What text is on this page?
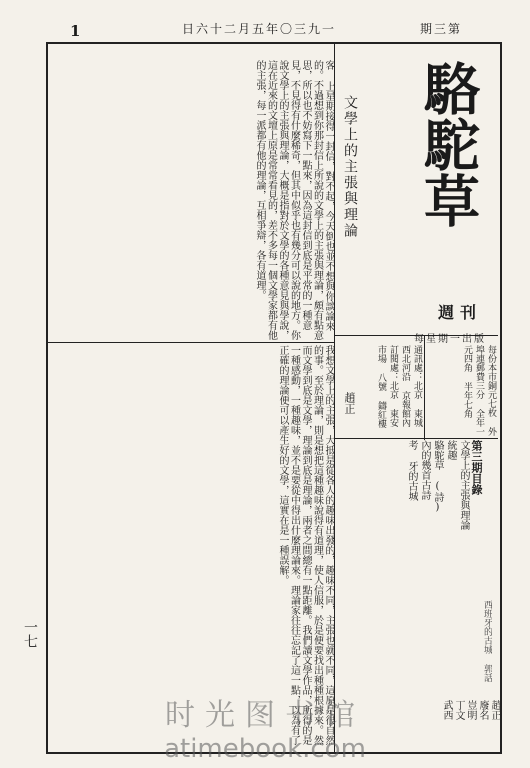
1	日六十二月五年〇三九一	期三第
駱駝草
週刊
每星期一出版
每份本市銅元七枚 外埠連郵費三分 全年一元四角 半年七角
通訊處：北京 東城西北河沿 京報館內 訂閱處：北京 東安市場 八號 鑄紅樓
第三期目錄
文學上的主張與理論
統趣
駱駝草 (詩)
內的幾首古詩
考 牙的古城
西班牙的古城 郭話
趙正
廢名
豈明
丁文
武西
文學上的主張與理論
趙正
客 上星期接得一封信，對不起，今天倒也並不想與你談論來的。不過想到你那封信上所說的文學上的主張與理論，頗有點意思，所以也不妨寫下一點來，因為這封信到底是平常的一種意見，不見得有什麼稀奇，但其中似乎也有幾分可以說的地方。你說文學上的主張與理論，大概是指對於文學的各種意見與學說，這在近來的文壇上原是常常看見的，差不多每一個文學家都有他的主張，每一派都有他的理論，互相爭辯，各有道理。
我想文學上的主張，大抵是從各人的趣味出發的，趣味不同，主張也就不同，這原是很自然的事。至於理論，則是想把這種趣味說得有道理，使人信服，於是便要找出種種根據來。然而文學到底是文學，理論到底是理論，兩者之間總有一點距離。我們讀文學作品，所得的是一種感動，一種趣味，並不是要從中得出什麼理論來。理論家往往忘記了這一點，以為有了正確的理論便可以產生好的文學，這實在是一種誤解。
一七
时光图书馆
atimebook.com
